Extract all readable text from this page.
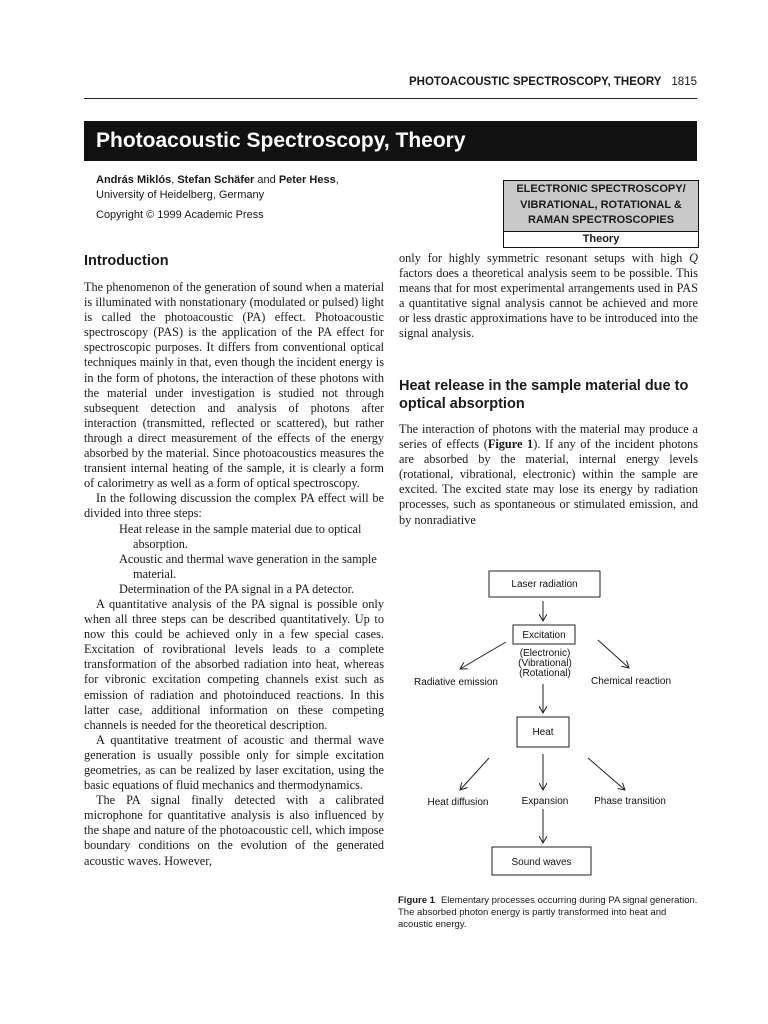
PHOTOACOUSTIC SPECTROSCOPY, THEORY 1815
Photoacoustic Spectroscopy, Theory
András Miklós, Stefan Schäfer and Peter Hess,
University of Heidelberg, Germany
Copyright © 1999 Academic Press
ELECTRONIC SPECTROSCOPY/
VIBRATIONAL, ROTATIONAL &
RAMAN SPECTROSCOPIES
Theory
Introduction

The phenomenon of the generation of sound when a material is illuminated with nonstationary (modulated or pulsed) light is called the photoacoustic (PA) effect. Photoacoustic spectroscopy (PAS) is the application of the PA effect for spectroscopic purposes. It differs from conventional optical techniques mainly in that, even though the incident energy is in the form of photons, the interaction of these photons with the material under investigation is studied not through subsequent detection and analysis of photons after interaction (transmitted, reflected or scattered), but rather through a direct measurement of the effects of the energy absorbed by the material. Since photoacoustics measures the transient internal heating of the sample, it is clearly a form of calorimetry as well as a form of optical spectroscopy.

In the following discussion the complex PA effect will be divided into three steps:

Heat release in the sample material due to optical absorption.

Acoustic and thermal wave generation in the sample material.

Determination of the PA signal in a PA detector.

A quantitative analysis of the PA signal is possible only when all three steps can be described quantitatively. Up to now this could be achieved only in a few special cases. Excitation of rovibrational levels leads to a complete transformation of the absorbed radiation into heat, whereas for vibronic excitation competing channels exist such as emission of radiation and photoinduced reactions. In this latter case, additional information on these competing channels is needed for the theoretical description.

A quantitative treatment of acoustic and thermal wave generation is usually possible only for simple excitation geometries, as can be realized by laser excitation, using the basic equations of fluid mechanics and thermodynamics.

The PA signal finally detected with a calibrated microphone for quantitative analysis is also influenced by the shape and nature of the photoacoustic cell, which impose boundary conditions on the evolution of the generated acoustic waves. However,

only for highly symmetric resonant setups with high Q factors does a theoretical analysis seem to be possible. This means that for most experimental arrangements used in PAS a quantitative signal analysis cannot be achieved and more or less drastic approximations have to be introduced into the signal analysis.

Heat release in the sample material due to optical absorption

The interaction of photons with the material may produce a series of effects (Figure 1). If any of the incident photons are absorbed by the material, internal energy levels (rotational, vibrational, electronic) within the sample are excited. The excited state may lose its energy by radiation processes, such as spontaneous or stimulated emission, and by nonradiative

Laser radiation
Excitation
(Electronic)
(Vibrational)
(Rotational)
Radiative emission	Chemical reaction
Heat
Heat diffusion	Expansion	Phase transition
Sound waves
Figure 1 Elementary processes occurring during PA signal generation. The absorbed photon energy is partly transformed into heat and acoustic energy.
